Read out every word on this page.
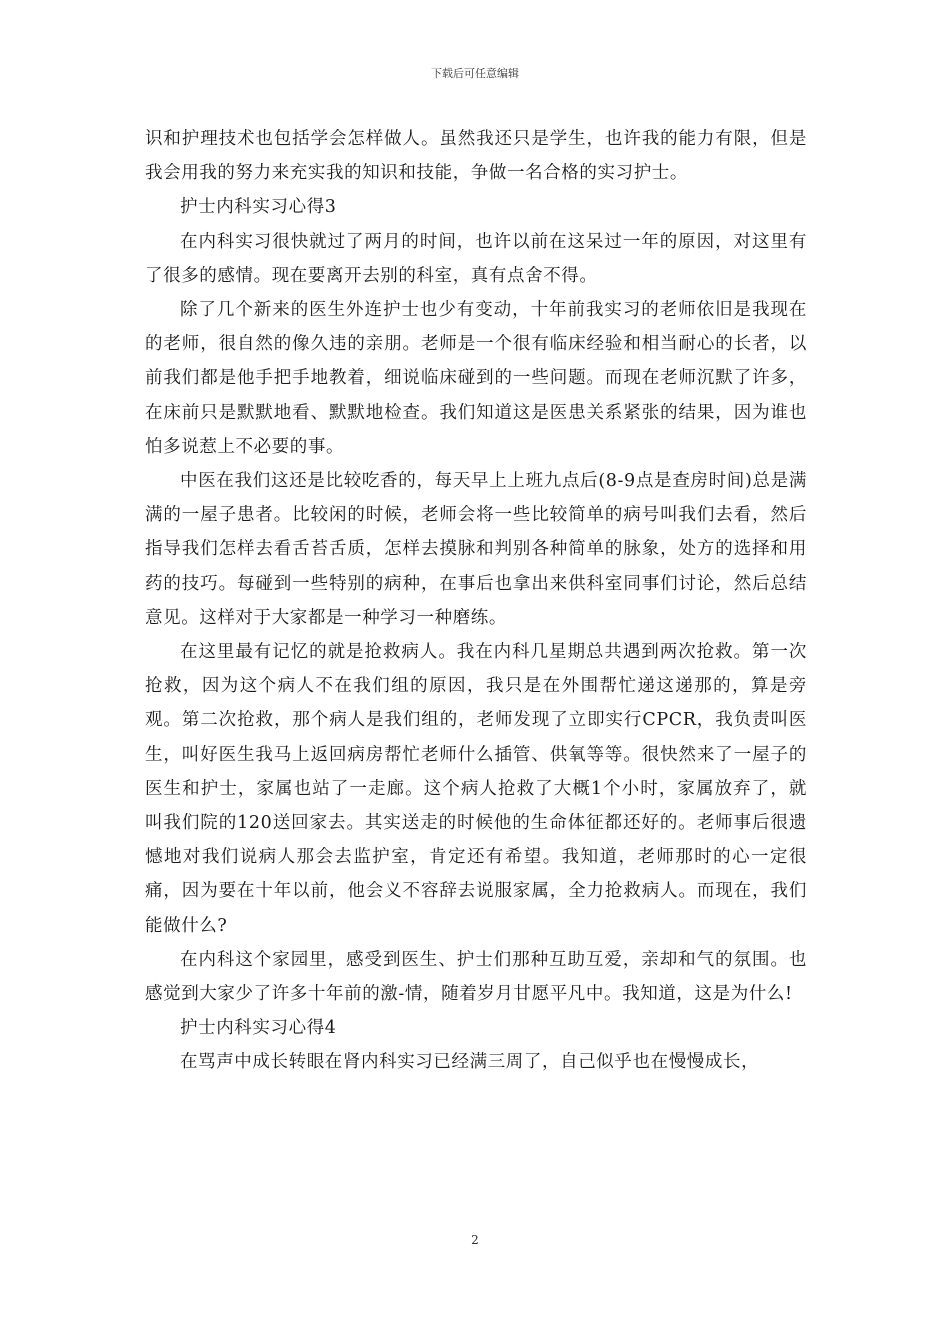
下载后可任意编辑

识和护理技术也包括学会怎样做人。虽然我还只是学生，也许我的能力有限，但是我会用我的努力来充实我的知识和技能，争做一名合格的实习护士。

护士内科实习心得3

在内科实习很快就过了两月的时间，也许以前在这呆过一年的原因，对这里有了很多的感情。现在要离开去别的科室，真有点舍不得。

除了几个新来的医生外连护士也少有变动，十年前我实习的老师依旧是我现在的老师，很自然的像久违的亲朋。老师是一个很有临床经验和相当耐心的长者，以前我们都是他手把手地教着，细说临床碰到的一些问题。而现在老师沉默了许多，在床前只是默默地看、默默地检查。我们知道这是医患关系紧张的结果，因为谁也怕多说惹上不必要的事。

中医在我们这还是比较吃香的，每天早上上班九点后(8-9点是查房时间)总是满满的一屋子患者。比较闲的时候，老师会将一些比较简单的病号叫我们去看，然后指导我们怎样去看舌苔舌质，怎样去摸脉和判别各种简单的脉象，处方的选择和用药的技巧。每碰到一些特别的病种，在事后也拿出来供科室同事们讨论，然后总结意见。这样对于大家都是一种学习一种磨练。

在这里最有记忆的就是抢救病人。我在内科几星期总共遇到两次抢救。第一次抢救，因为这个病人不在我们组的原因，我只是在外围帮忙递这递那的，算是旁观。第二次抢救，那个病人是我们组的，老师发现了立即实行CPCR，我负责叫医生，叫好医生我马上返回病房帮忙老师什么插管、供氧等等。很快然来了一屋子的医生和护士，家属也站了一走廊。这个病人抢救了大概1个小时，家属放弃了，就叫我们院的120送回家去。其实送走的时候他的生命体征都还好的。老师事后很遗憾地对我们说病人那会去监护室，肯定还有希望。我知道，老师那时的心一定很痛，因为要在十年以前，他会义不容辞去说服家属，全力抢救病人。而现在，我们能做什么?

在内科这个家园里，感受到医生、护士们那种互助互爱，亲却和气的氛围。也感觉到大家少了许多十年前的激-情，随着岁月甘愿平凡中。我知道，这是为什么!

护士内科实习心得4

在骂声中成长转眼在肾内科实习已经满三周了，自己似乎也在慢慢成长，

2
